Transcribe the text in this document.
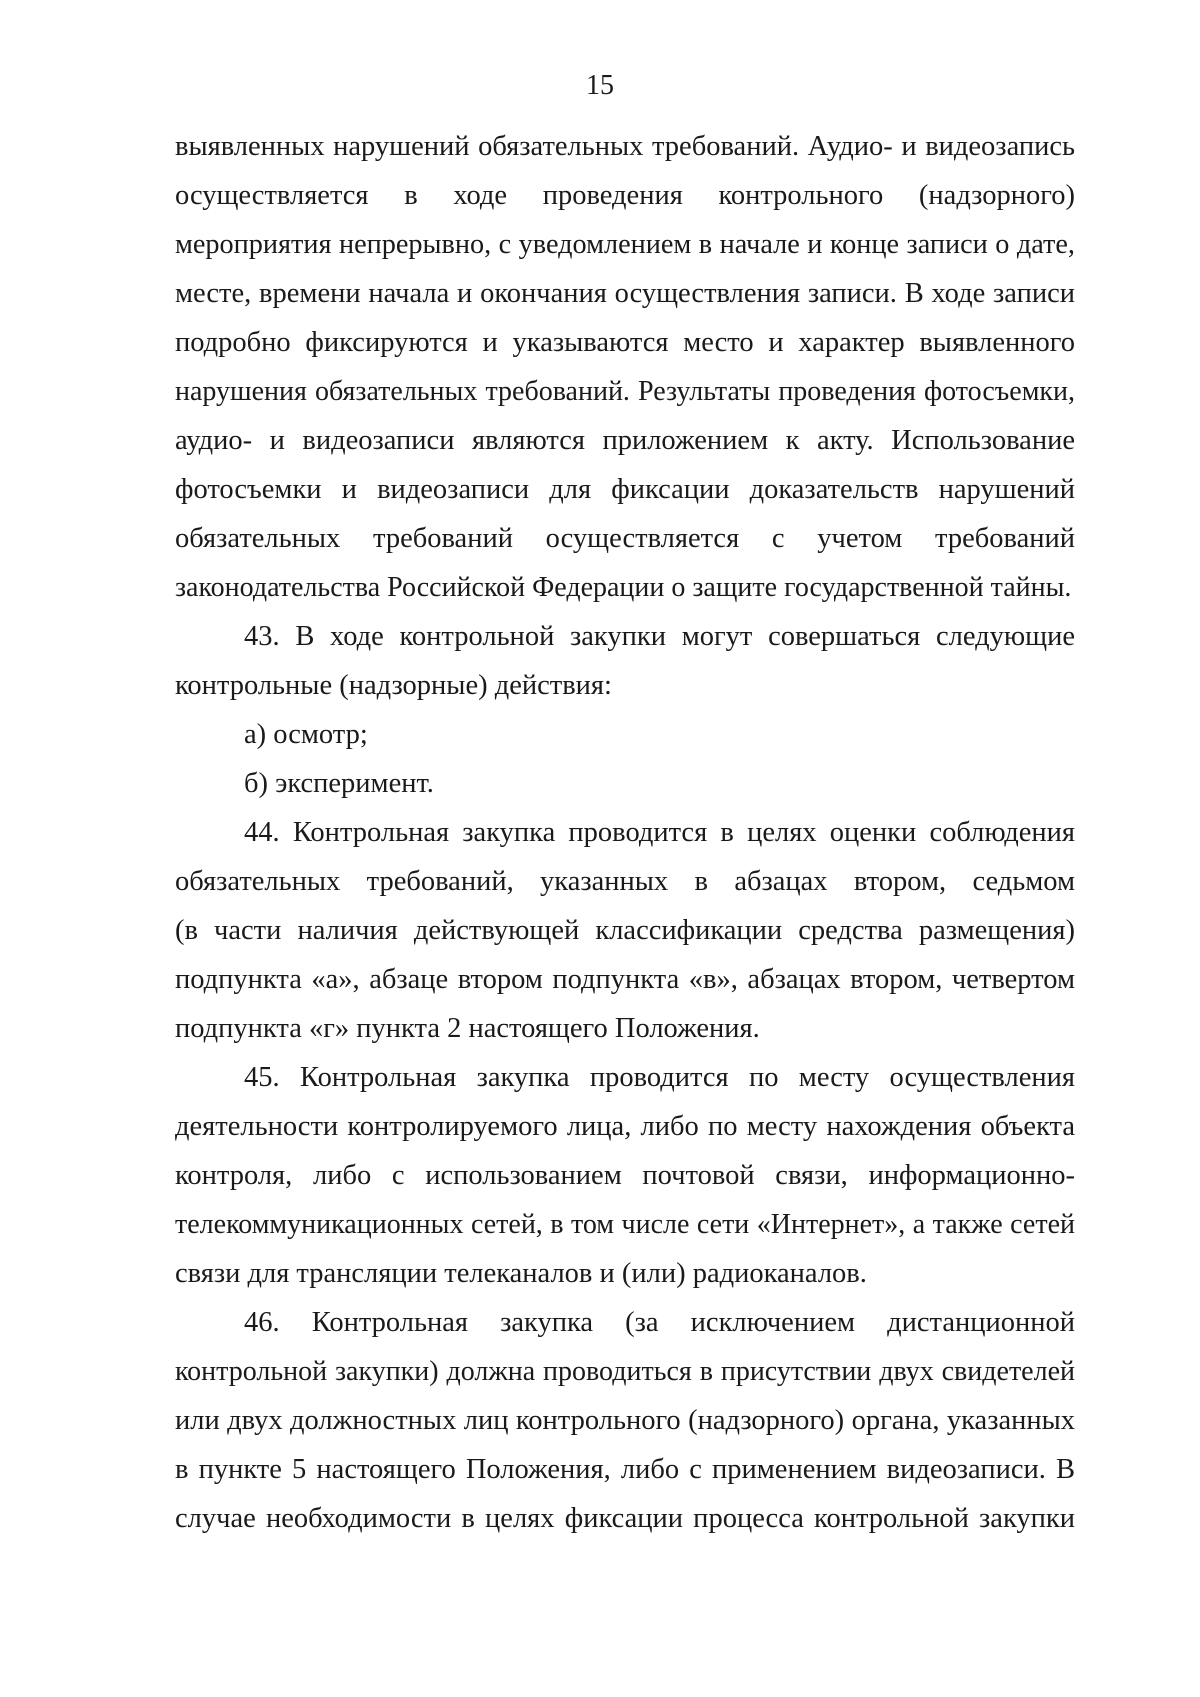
15
выявленных нарушений обязательных требований. Аудио- и видеозапись
осуществляется в ходе проведения контрольного (надзорного)
мероприятия непрерывно, с уведомлением в начале и конце записи о дате,
месте, времени начала и окончания осуществления записи. В ходе записи
подробно фиксируются и указываются место и характер выявленного
нарушения обязательных требований. Результаты проведения фотосъемки,
аудио- и видеозаписи являются приложением к акту. Использование
фотосъемки и видеозаписи для фиксации доказательств нарушений
обязательных требований осуществляется с учетом требований
законодательства Российской Федерации о защите государственной тайны.
43. В ходе контрольной закупки могут совершаться следующие
контрольные (надзорные) действия:
а) осмотр;
б) эксперимент.
44. Контрольная закупка проводится в целях оценки соблюдения
обязательных требований, указанных в абзацах втором, седьмом
(в части наличия действующей классификации средства размещения)
подпункта «а», абзаце втором подпункта «в», абзацах втором, четвертом
подпункта «г» пункта 2 настоящего Положения.
45. Контрольная закупка проводится по месту осуществления
деятельности контролируемого лица, либо по месту нахождения объекта
контроля, либо с использованием почтовой связи, информационно-
телекоммуникационных сетей, в том числе сети «Интернет», а также сетей
связи для трансляции телеканалов и (или) радиоканалов.
46. Контрольная закупка (за исключением дистанционной
контрольной закупки) должна проводиться в присутствии двух свидетелей
или двух должностных лиц контрольного (надзорного) органа, указанных
в пункте 5 настоящего Положения, либо с применением видеозаписи. В
случае необходимости в целях фиксации процесса контрольной закупки
